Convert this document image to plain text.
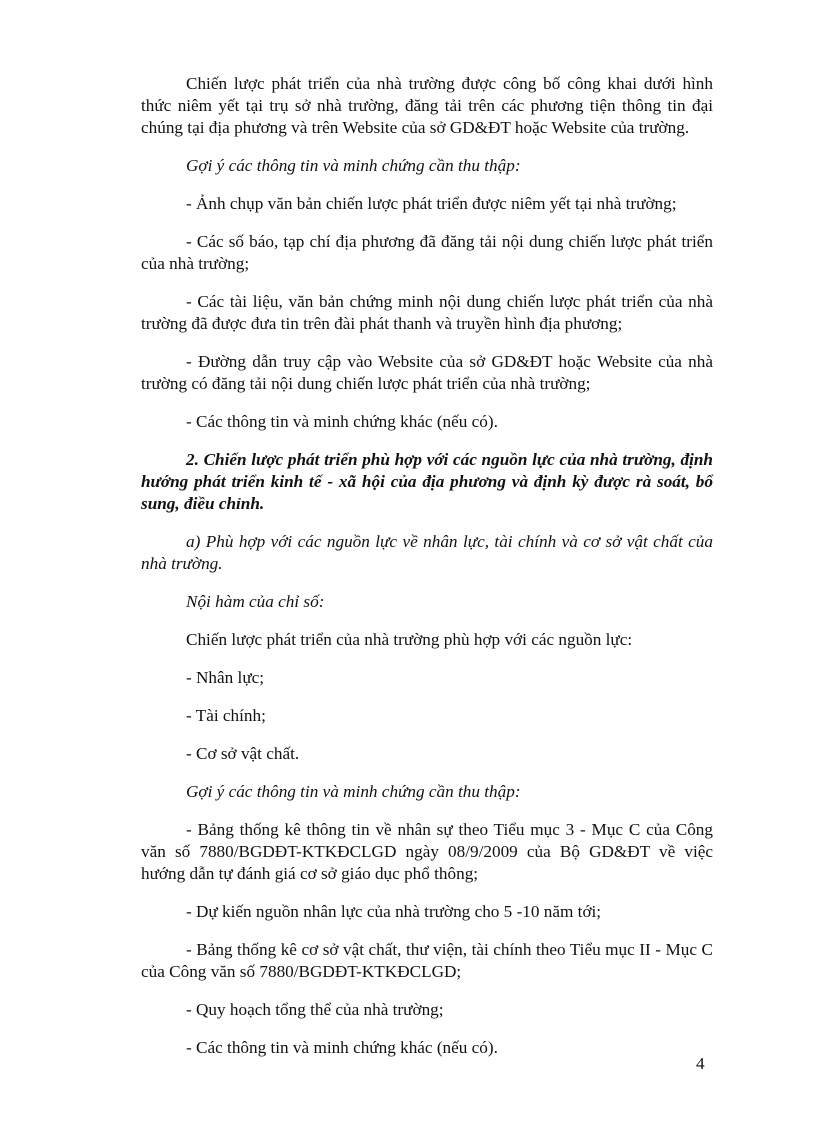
Chiến lược phát triển của nhà trường được công bố công khai dưới hình thức niêm yết tại trụ sở nhà trường, đăng tải trên các phương tiện thông tin đại chúng tại địa phương và trên Website của sở GD&ĐT hoặc Website của trường.

Gợi ý các thông tin và minh chứng cần thu thập:

- Ảnh chụp văn bản chiến lược phát triển được niêm yết tại nhà trường;

- Các số báo, tạp chí địa phương đã đăng tải nội dung chiến lược phát triển của nhà trường;

- Các tài liệu, văn bản chứng minh nội dung chiến lược phát triển của nhà trường đã được đưa tin trên đài phát thanh và truyền hình địa phương;

- Đường dẫn truy cập vào Website của sở GD&ĐT hoặc Website của nhà trường có đăng tải nội dung chiến lược phát triển của nhà trường;

- Các thông tin và minh chứng khác (nếu có).

2. Chiến lược phát triển phù hợp với các nguồn lực của nhà trường, định hướng phát triển kinh tế - xã hội của địa phương và định kỳ được rà soát, bổ sung, điều chỉnh.

a) Phù hợp với các nguồn lực về nhân lực, tài chính và cơ sở vật chất của nhà trường.

Nội hàm của chỉ số:

Chiến lược phát triển của nhà trường phù hợp với các nguồn lực:

- Nhân lực;

- Tài chính;

- Cơ sở vật chất.

Gợi ý các thông tin và minh chứng cần thu thập:

- Bảng thống kê thông tin về nhân sự theo Tiểu mục 3 - Mục C của Công văn số 7880/BGDĐT-KTKĐCLGD ngày 08/9/2009 của Bộ GD&ĐT về việc hướng dẫn tự đánh giá cơ sở giáo dục phổ thông;

- Dự kiến nguồn nhân lực của nhà trường cho 5 -10 năm tới;

- Bảng thống kê cơ sở vật chất, thư viện, tài chính theo Tiểu mục II - Mục C của Công văn số 7880/BGDĐT-KTKĐCLGD;

- Quy hoạch tổng thể của nhà trường;

- Các thông tin và minh chứng khác (nếu có).

4
